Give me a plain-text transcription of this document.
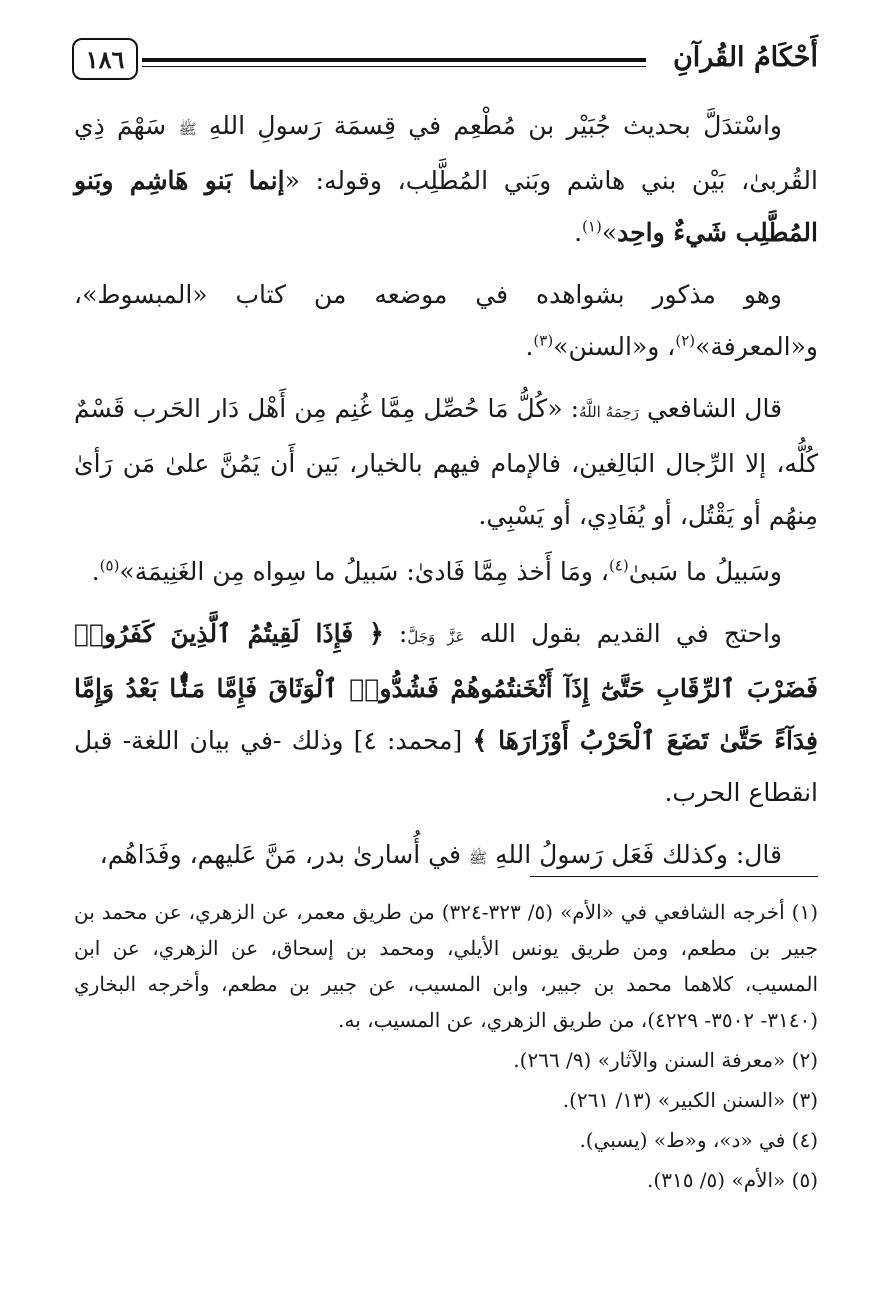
أَحْكَامُ القُرآنِ
١٨٦

واسْتدَلَّ بحديث جُبَيْر بن مُطْعِم في قِسمَة رَسولِ اللهِ ﷺ سَهْمَ ذِي القُربىٰ، بَيْن بني هاشم وبَني المُطَّلِب، وقوله: «إنما بَنو هَاشِم وبَنو المُطَّلِب شَيءٌ واحِد»$^{(١)}$.

وهو مذكور بشواهده في موضعه من كتاب «المبسوط»، و«المعرفة»$^{(٢)}$، و«السنن»$^{(٣)}$.

قال الشافعي رَحِمَهُ اللَّهُ: «كُلُّ مَا حُصِّل مِمَّا غُنِم مِن أَهْل دَار الحَرب قَسْمٌ كُلُّه، إلا الرِّجال البَالِغين، فالإمام فيهم بالخيار، بَين أَن يَمُنَّ علىٰ مَن رَأىٰ مِنهُم أو يَقْتُل، أو يُفَادِي، أو يَسْبِي.

وسَبيلُ ما سَبىٰ$^{(٤)}$، ومَا أَخذ مِمَّا فَادىٰ: سَبيلُ ما سِواه مِن الغَنِيمَة»$^{(٥)}$.

واحتج في القديم بقول الله عَزَّ وَجَلَّ: ﴿ فَإِذَا لَقِيتُمُ ٱلَّذِينَ كَفَرُوا۟ فَضَرْبَ ٱلرِّقَابِ حَتَّىٰٓ إِذَآ أَثْخَنتُمُوهُمْ فَشُدُّوا۟ ٱلْوَثَاقَ فَإِمَّا مَنًّۢا بَعْدُ وَإِمَّا فِدَآءً حَتَّىٰ تَضَعَ ٱلْحَرْبُ أَوْزَارَهَا ﴾ [محمد: ٤] وذلك -في بيان اللغة- قبل انقطاع الحرب.

قال: وكذلك فَعَل رَسولُ اللهِ ﷺ في أُسارىٰ بدر، مَنَّ عَليهم، وفَدَاهُم،

(١) أخرجه الشافعي في «الأم» (٥/ ٣٢٣-٣٢٤) من طريق معمر، عن الزهري، عن محمد بن جبير بن مطعم، ومن طريق يونس الأيلي، ومحمد بن إسحاق، عن الزهري، عن ابن المسيب، كلاهما محمد بن جبير، وابن المسيب، عن جبير بن مطعم، وأخرجه البخاري (٣١٤٠- ٣٥٠٢- ٤٢٢٩)، من طريق الزهري، عن المسيب، به.

(٢) «معرفة السنن والآثار» (٩/ ٢٦٦).

(٣) «السنن الكبير» (١٣/ ٢٦١).

(٤) في «د»، و«ط» (يسبي).

(٥) «الأم» (٥/ ٣١٥).
